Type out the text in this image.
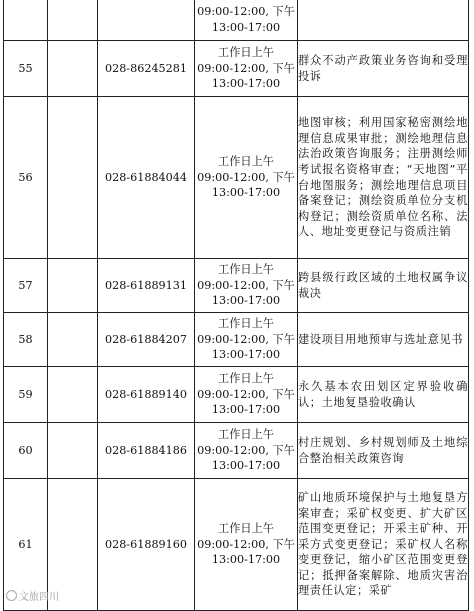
			09:00-12:00, 下午
13:00-17:00	

55		028-86245281	工作日上午
09:00-12:00, 下午
13:00-17:00	群众不动产政策业务咨询和受理投诉
56		028-61884044	工作日上午
09:00-12:00, 下午
13:00-17:00	地图审核；利用国家秘密测绘地理信息成果审批；测绘地理信息法治政策咨询服务；注册测绘师考试报名资格审查；“天地图”平台地图服务；测绘地理信息项目备案登记；测绘资质单位分支机构登记；测绘资质单位名称、法人、地址变更登记与资质注销
57		028-61889131	工作日上午
09:00-12:00, 下午
13:00-17:00	跨县级行政区域的土地权属争议裁决
58		028-61884207	工作日上午
09:00-12:00, 下午
13:00-17:00	建设项目用地预审与选址意见书
59		028-61889140	工作日上午
09:00-12:00, 下午
13:00-17:00	永久基本农田划区定界验收确认；土地复垦验收确认
60		028-61884186	工作日上午
09:00-12:00, 下午
13:00-17:00	村庄规划、乡村规划师及土地综合整治相关政策咨询
61		028-61889160	工作日上午
09:00-12:00, 下午
13:00-17:00	矿山地质环境保护与土地复垦方案审查；采矿权变更、扩大矿区范围变更登记；开采主矿种、开采方式变更登记；采矿权人名称变更登记，缩小矿区范围变更登记；抵押备案解除、地质灾害治理责任认定；采矿
文旅四川
